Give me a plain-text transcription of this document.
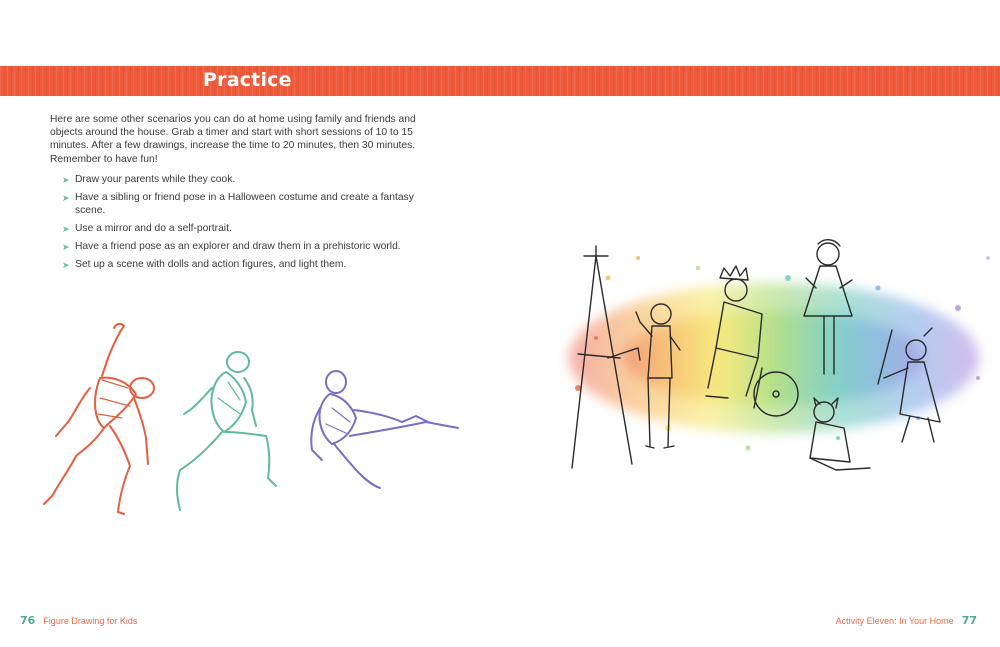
Practice

Here are some other scenarios you can do at home using family and friends and objects around the house. Grab a timer and start with short sessions of 10 to 15 minutes. After a few drawings, increase the time to 20 minutes, then 30 minutes. Remember to have fun!

➤ Draw your parents while they cook.
➤ Have a sibling or friend pose in a Halloween costume and create a fantasy scene.
➤ Use a mirror and do a self-portrait.
➤ Have a friend pose as an explorer and draw them in a prehistoric world.
➤ Set up a scene with dolls and action figures, and light them.
76 Figure Drawing for Kids	Activity Eleven: In Your Home 77
